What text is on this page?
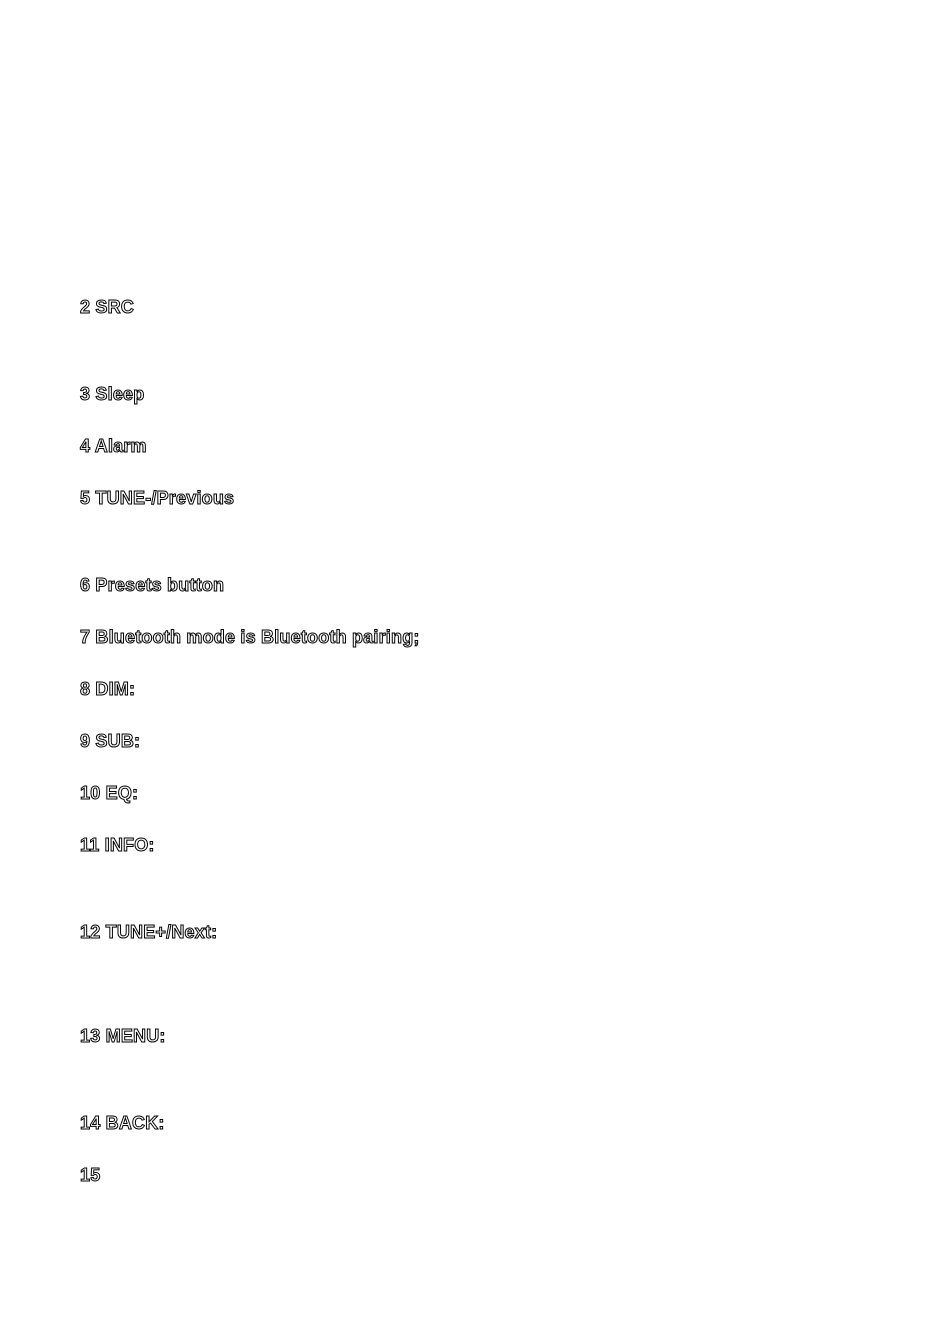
2 SRC

3 Sleep

4 Alarm

5 TUNE-/Previous

6 Presets button

7 Bluetooth mode is Bluetooth pairing;

8 DIM:

9 SUB:

10 EQ:

11 INFO:

12 TUNE+/Next:

13 MENU:

14 BACK:

15
